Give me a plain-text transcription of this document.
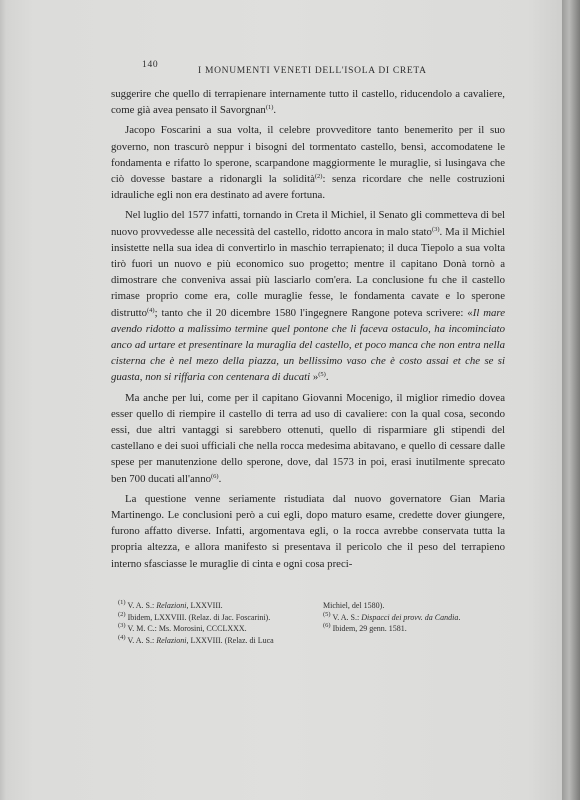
140
I MONUMENTI VENETI DELL'ISOLA DI CRETA

suggerire che quello di terrapienare internamente tutto il castello, riducendolo a cavaliere, come già avea pensato il Savorgnan$^{(1)}$.

Jacopo Foscarini a sua volta, il celebre provveditore tanto benemerito per il suo governo, non trascurò neppur i bisogni del tormentato castello, bensì, accomodatene le fondamenta e rifatto lo sperone, scarpandone maggiormente le muraglie, si lusingava che ciò dovesse bastare a ridonargli la solidità$^{(2)}$: senza ricordare che nelle costruzioni idrauliche egli non era destinato ad avere fortuna.

Nel luglio del 1577 infatti, tornando in Creta il Michiel, il Senato gli commetteva di bel nuovo provvedesse alle necessità del castello, ridotto ancora in malo stato$^{(3)}$. Ma il Michiel insistette nella sua idea di convertirlo in maschio terrapienato; il duca Tiepolo a sua volta tirò fuori un nuovo e più economico suo progetto; mentre il capitano Donà tornò a dimostrare che conveniva assai più lasciarlo com'era. La conclusione fu che il castello rimase proprio come era, colle muraglie fesse, le fondamenta cavate e lo sperone distrutto$^{(4)}$; tanto che il 20 dicembre 1580 l'ingegnere Rangone poteva scrivere: «Il mare avendo ridotto a malissimo termine quel pontone che li faceva ostaculo, ha incominciato anco ad urtare et presentinare la muraglia del castello, et poco manca che non entra nella cisterna che è nel mezo della piazza, un bellissimo vaso che è costo assai et che se si guasta, non si riffaria con centenara di ducati »$^{(5)}$.

Ma anche per lui, come per il capitano Giovanni Mocenigo, il miglior rimedio dovea esser quello di riempire il castello di terra ad uso di cavaliere: con la qual cosa, secondo essi, due altri vantaggi si sarebbero ottenuti, quello di risparmiare gli stipendi del castellano e dei suoi ufficiali che nella rocca medesima abitavano, e quello di cessare dalle spese per manutenzione dello sperone, dove, dal 1573 in poi, erasi inutilmente sprecato ben 700 ducati all'anno$^{(6)}$.

La questione venne seriamente ristudiata dal nuovo governatore Gian Maria Martinengo. Le conclusioni però a cui egli, dopo maturo esame, credette dover giungere, furono affatto diverse. Infatti, argomentava egli, o la rocca avrebbe conservata tutta la propria altezza, e allora manifesto si presentava il pericolo che il peso del terrapieno interno sfasciasse le muraglie di cinta e ogni cosa preci-

$^{(1)}$ V. A. S.: Relazioni, LXXVIII.
$^{(2)}$ Ibidem, LXXVIII. (Relaz. di Jac. Foscarini).
$^{(3)}$ V. M. C.: Ms. Morosini, CCCLXXX.
$^{(4)}$ V. A. S.: Relazioni, LXXVIII. (Relaz. di Luca
Michiel, del 1580).
$^{(5)}$ V. A. S.: Dispacci dei provv. da Candia.
$^{(6)}$ Ibidem, 29 genn. 1581.
